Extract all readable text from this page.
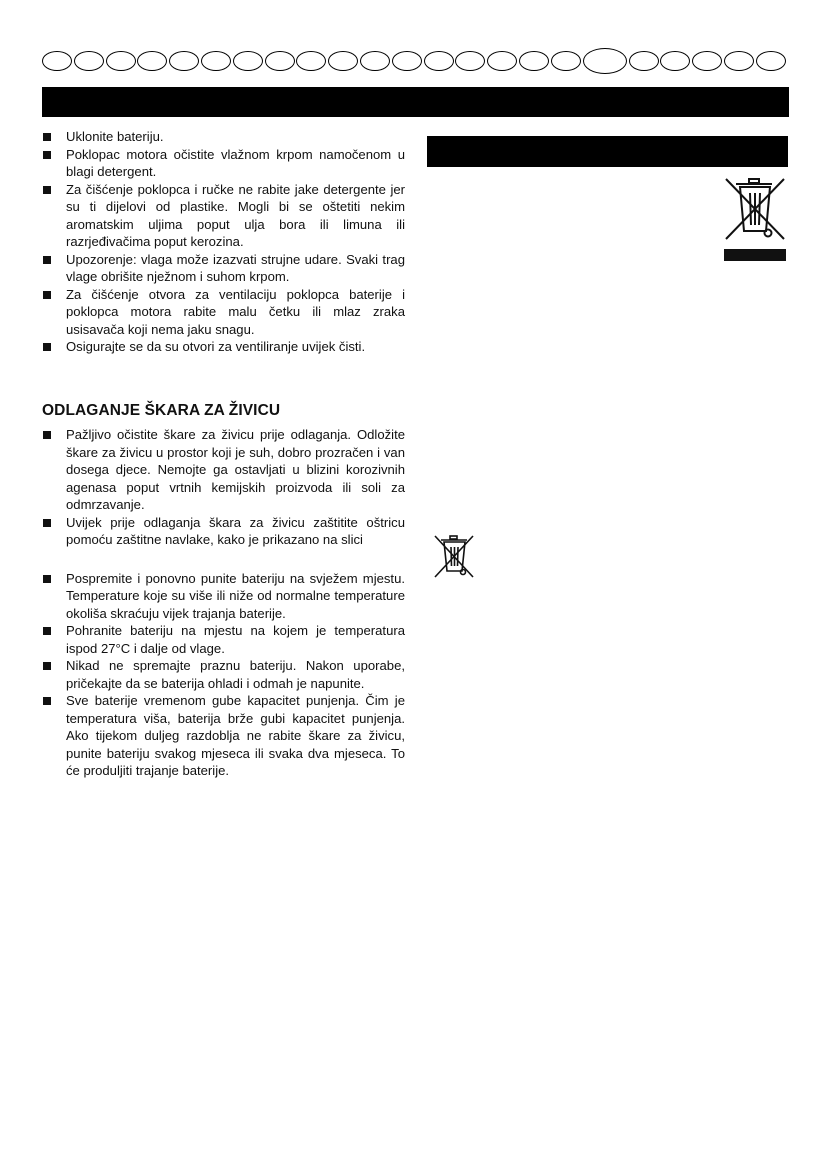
Uklonite bateriju.
Poklopac motora očistite vlažnom krpom namočenom u blagi detergent.
Za čišćenje poklopca i ručke ne rabite jake detergente jer su ti dijelovi od plastike. Mogli bi se oštetiti nekim aromatskim uljima poput ulja bora ili limuna ili razrjeđivačima poput kerozina.
Upozorenje: vlaga može izazvati strujne udare. Svaki trag vlage obrišite nježnom i suhom krpom.
Za čišćenje otvora za ventilaciju poklopca baterije i poklopca motora rabite malu četku ili mlaz zraka usisavača koji nema jaku snagu.
Osigurajte se da su otvori za ventiliranje uvijek čisti.
ODLAGANJE ŠKARA ZA ŽIVICU
Pažljivo očistite škare za živicu prije odlaganja. Odložite škare za živicu u prostor koji je suh, dobro prozračen i van dosega djece. Nemojte ga ostavljati u blizini korozivnih agenasa poput vrtnih kemijskih proizvoda ili soli za odmrzavanje.
Uvijek prije odlaganja škara za živicu zaštitite oštricu pomoću zaštitne navlake, kako je prikazano na slici
Pospremite i ponovno punite bateriju na svježem mjestu. Temperature koje su više ili niže od normalne temperature okoliša skraćuju vijek trajanja baterije.
Pohranite bateriju na mjestu na kojem je temperatura ispod 27°C i dalje od vlage.
Nikad ne spremajte praznu bateriju. Nakon uporabe, pričekajte da se baterija ohladi i odmah je napunite.
Sve baterije vremenom gube kapacitet punjenja. Čim je temperatura viša, baterija brže gubi kapacitet punjenja. Ako tijekom duljeg razdoblja ne rabite škare za živicu, punite bateriju svakog mjeseca ili svaka dva mjeseca. To će produljiti trajanje baterije.
